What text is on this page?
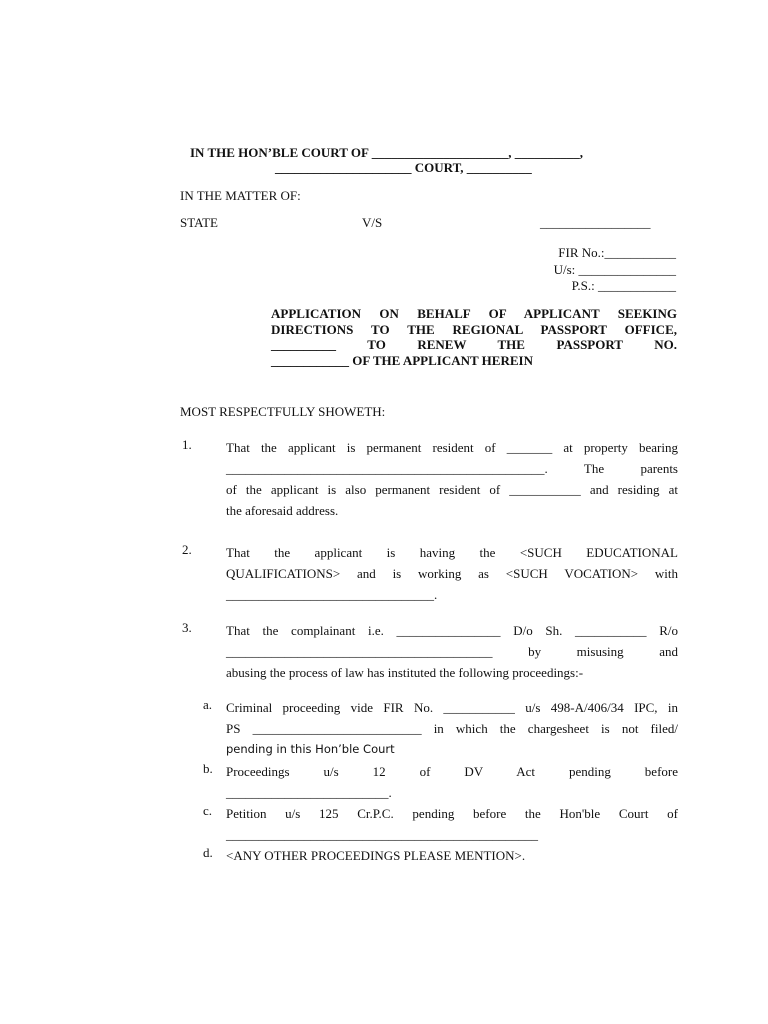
IN THE HON’BLE COURT OF _____________________, __________,
_____________________ COURT, __________
IN THE MATTER OF:
STATE	V/S	_________________
FIR No.:___________
U/s: _______________
P.S.: ____________
APPLICATION ON BEHALF OF APPLICANT SEEKING
DIRECTIONS TO THE REGIONAL PASSPORT OFFICE,
__________ TO RENEW THE PASSPORT NO.
____________ OF THE APPLICANT HEREIN
MOST RESPECTFULLY SHOWETH:
1.	That the applicant is permanent resident of _______ at property bearing
_________________________________________________. The parents
of the applicant is also permanent resident of ___________ and residing at
the aforesaid address.
2.	That the applicant is having the <SUCH EDUCATIONAL
QUALIFICATIONS> and is working as <SUCH VOCATION> with
________________________________.
3.	That the complainant i.e. ________________ D/o Sh. ___________ R/o
_________________________________________ by misusing and
abusing the process of law has instituted the following proceedings:-
a. Criminal proceeding vide FIR No. ___________ u/s 498-A/406/34 IPC, in
PS __________________________ in which the chargesheet is not filed/
pending in this Hon’ble Court
b. Proceedings u/s 12 of DV Act pending before
_________________________.
c. Petition u/s 125 Cr.P.C. pending before the Hon'ble Court of
________________________________________________
d. <ANY OTHER PROCEEDINGS PLEASE MENTION>.
